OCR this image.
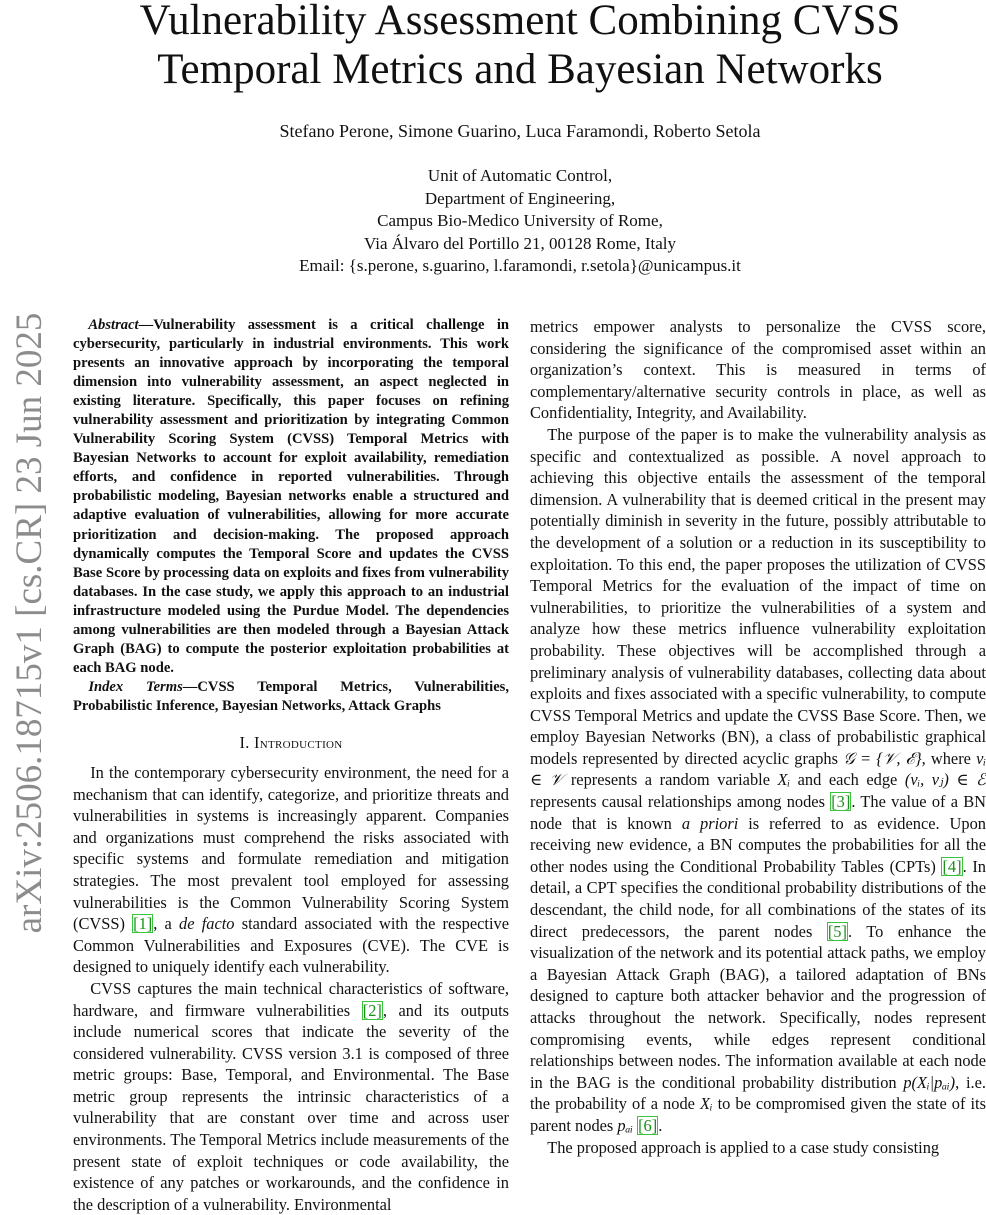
arXiv:2506.18715v1 [cs.CR] 23 Jun 2025
Vulnerability Assessment Combining CVSS
Temporal Metrics and Bayesian Networks
Stefano Perone, Simone Guarino, Luca Faramondi, Roberto Setola
Unit of Automatic Control,
Department of Engineering,
Campus Bio-Medico University of Rome,
Via Álvaro del Portillo 21, 00128 Rome, Italy
Email: {s.perone, s.guarino, l.faramondi, r.setola}@unicampus.it
Abstract—Vulnerability assessment is a critical challenge in cybersecurity, particularly in industrial environments. This work presents an innovative approach by incorporating the temporal dimension into vulnerability assessment, an aspect neglected in existing literature. Specifically, this paper focuses on refining vulnerability assessment and prioritization by integrating Common Vulnerability Scoring System (CVSS) Temporal Metrics with Bayesian Networks to account for exploit availability, remediation efforts, and confidence in reported vulnerabilities. Through probabilistic modeling, Bayesian networks enable a structured and adaptive evaluation of vulnerabilities, allowing for more accurate prioritization and decision-making. The proposed approach dynamically computes the Temporal Score and updates the CVSS Base Score by processing data on exploits and fixes from vulnerability databases. In the case study, we apply this approach to an industrial infrastructure modeled using the Purdue Model. The dependencies among vulnerabilities are then modeled through a Bayesian Attack Graph (BAG) to compute the posterior exploitation probabilities at each BAG node.
Index Terms—CVSS Temporal Metrics, Vulnerabilities, Probabilistic Inference, Bayesian Networks, Attack Graphs
I. Introduction

In the contemporary cybersecurity environment, the need for a mechanism that can identify, categorize, and prioritize threats and vulnerabilities in systems is increasingly apparent. Companies and organizations must comprehend the risks associated with specific systems and formulate remediation and mitigation strategies. The most prevalent tool employed for assessing vulnerabilities is the Common Vulnerability Scoring System (CVSS) [1], a de facto standard associated with the respective Common Vulnerabilities and Exposures (CVE). The CVE is designed to uniquely identify each vulnerability.

CVSS captures the main technical characteristics of software, hardware, and firmware vulnerabilities [2], and its outputs include numerical scores that indicate the severity of the considered vulnerability. CVSS version 3.1 is composed of three metric groups: Base, Temporal, and Environmental. The Base metric group represents the intrinsic characteristics of a vulnerability that are constant over time and across user environments. The Temporal Metrics include measurements of the present state of exploit techniques or code availability, the existence of any patches or workarounds, and the confidence in the description of a vulnerability. Environmental

metrics empower analysts to personalize the CVSS score, considering the significance of the compromised asset within an organization’s context. This is measured in terms of complementary/alternative security controls in place, as well as Confidentiality, Integrity, and Availability.

The purpose of the paper is to make the vulnerability analysis as specific and contextualized as possible. A novel approach to achieving this objective entails the assessment of the temporal dimension. A vulnerability that is deemed critical in the present may potentially diminish in severity in the future, possibly attributable to the development of a solution or a reduction in its susceptibility to exploitation. To this end, the paper proposes the utilization of CVSS Temporal Metrics for the evaluation of the impact of time on vulnerabilities, to prioritize the vulnerabilities of a system and analyze how these metrics influence vulnerability exploitation probability. These objectives will be accomplished through a preliminary analysis of vulnerability databases, collecting data about exploits and fixes associated with a specific vulnerability, to compute CVSS Temporal Metrics and update the CVSS Base Score. Then, we employ Bayesian Networks (BN), a class of probabilistic graphical models represented by directed acyclic graphs 𝒢 = {𝒱, ℰ}, where vᵢ ∈ 𝒱 represents a random variable Xᵢ and each edge (vᵢ, vⱼ) ∈ ℰ represents causal relationships among nodes [3]. The value of a BN node that is known a priori is referred to as evidence. Upon receiving new evidence, a BN computes the probabilities for all the other nodes using the Conditional Probability Tables (CPTs) [4]. In detail, a CPT specifies the conditional probability distributions of the descendant, the child node, for all combinations of the states of its direct predecessors, the parent nodes [5]. To enhance the visualization of the network and its potential attack paths, we employ a Bayesian Attack Graph (BAG), a tailored adaptation of BNs designed to capture both attacker behavior and the progression of attacks throughout the network. Specifically, nodes represent compromising events, while edges represent conditional relationships between nodes. The information available at each node in the BAG is the conditional probability distribution p(Xᵢ|pₐᵢ), i.e. the probability of a node Xᵢ to be compromised given the state of its parent nodes pₐᵢ [6].

The proposed approach is applied to a case study consisting
